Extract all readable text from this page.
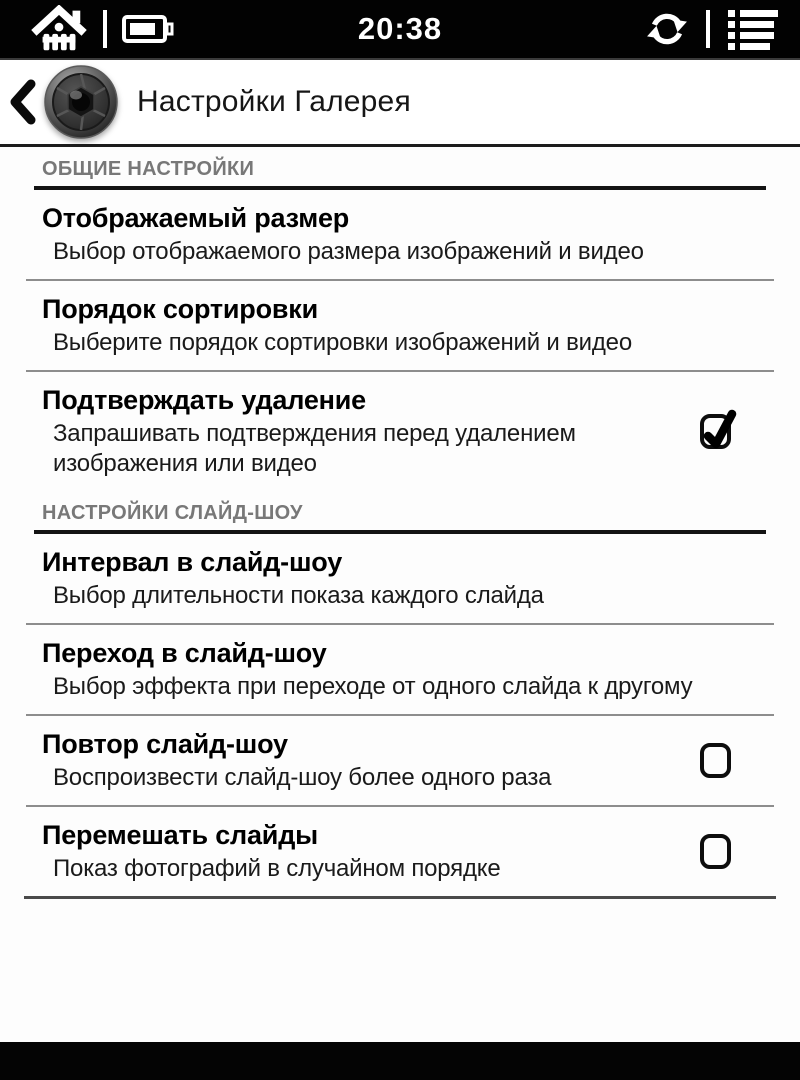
20:38
Настройки Галерея
ОБЩИЕ НАСТРОЙКИ
Отображаемый размер
Выбор отображаемого размера изображений и видео
Порядок сортировки
Выберите порядок сортировки изображений и видео
Подтверждать удаление
Запрашивать подтверждения перед удалением изображения или видео
НАСТРОЙКИ СЛАЙД-ШОУ
Интервал в слайд-шоу
Выбор длительности показа каждого слайда
Переход в слайд-шоу
Выбор эффекта при переходе от одного слайда к другому
Повтор слайд-шоу
Воспроизвести слайд-шоу более одного раза
Перемешать слайды
Показ фотографий в случайном порядке
